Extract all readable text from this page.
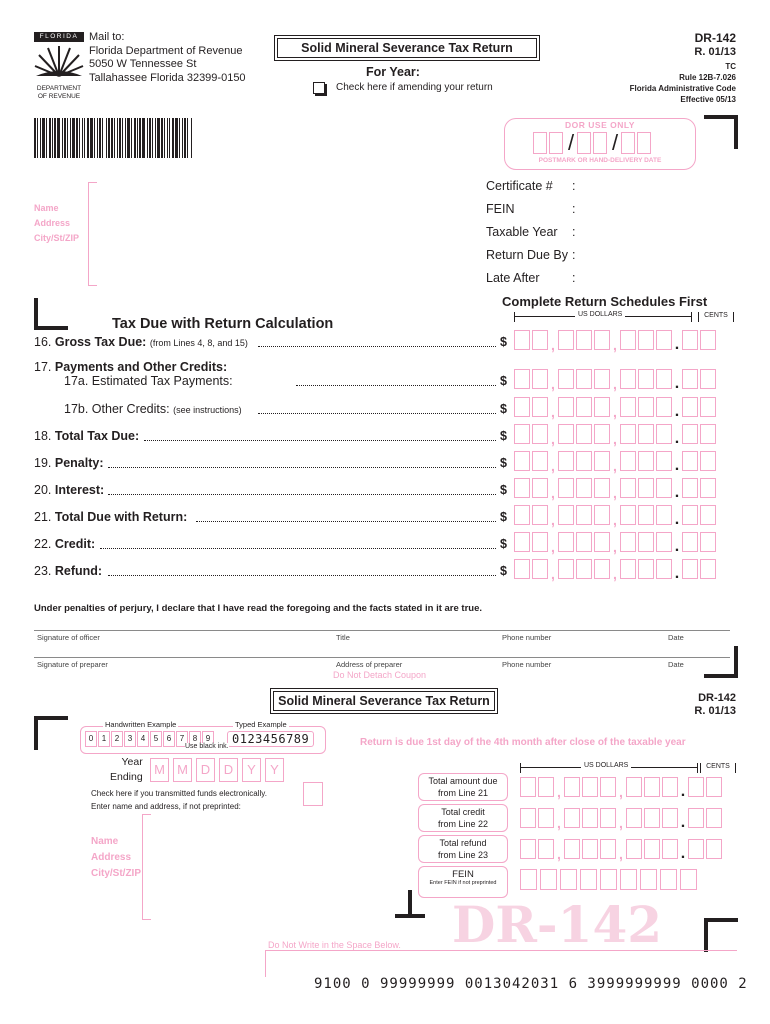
FLORIDA
DEPARTMENT
OF REVENUE
Mail to:
Florida Department of Revenue
5050 W Tennessee St
Tallahassee Florida 32399-0150
Solid Mineral Severance Tax Return
For Year:
Check here if amending your return
DR-142
R. 01/13
TC
Rule 12B-7.026
Florida Administrative Code
Effective 05/13
DOR USE ONLY
/ /
POSTMARK OR HAND-DELIVERY DATE
Name
Address
City/St/ZIP
Certificate # :
FEIN	:
Taxable Year :
Return Due By :
Late After	:
Complete Return Schedules First
Tax Due with Return Calculation
US DOLLARS	CENTS
16. Gross Tax Due: (from Lines 4, 8, and 15)	$	,	,	.
17. Payments and Other Credits:
17a. Estimated Tax Payments:	$	,	,	.
17b. Other Credits: (see instructions)	$	,	,	.
18. Total Tax Due:	$	,	,	.
19. Penalty:	$	,	,	.
20. Interest:	$	,	,	.
21. Total Due with Return:	$	,	,	.
22. Credit:	$	,	,	.
23. Refund:	$	,	,	.
Under penalties of perjury, I declare that I have read the foregoing and the facts stated in it are true.
Signature of officer	Title	Phone number	Date
Signature of preparer	Address of preparer	Phone number	Date
Do Not Detach Coupon
Solid Mineral Severance Tax Return	DR-142
R. 01/13
Handwritten Example	Typed Example
0	1	2	3	4	5	6	7	8	9	0123456789
Use black ink.	Return is due 1st day of the 4th month after close of the taxable year
Year
Ending M M D	D	Y	Y
Check here if you transmitted funds electronically.
Enter name and address, if not preprinted:
Name
Address
City/St/ZIP
US DOLLARS	CENTS
Total amount due
from Line 21	,	,	.
Total credit
from Line 22	,	,	.
Total refund
from Line 23	,	,	.
FEIN
Enter FEIN if not preprinted
DR-142
Do Not Write in the Space Below.
9100 0 99999999 0013042031 6 3999999999 0000 2
